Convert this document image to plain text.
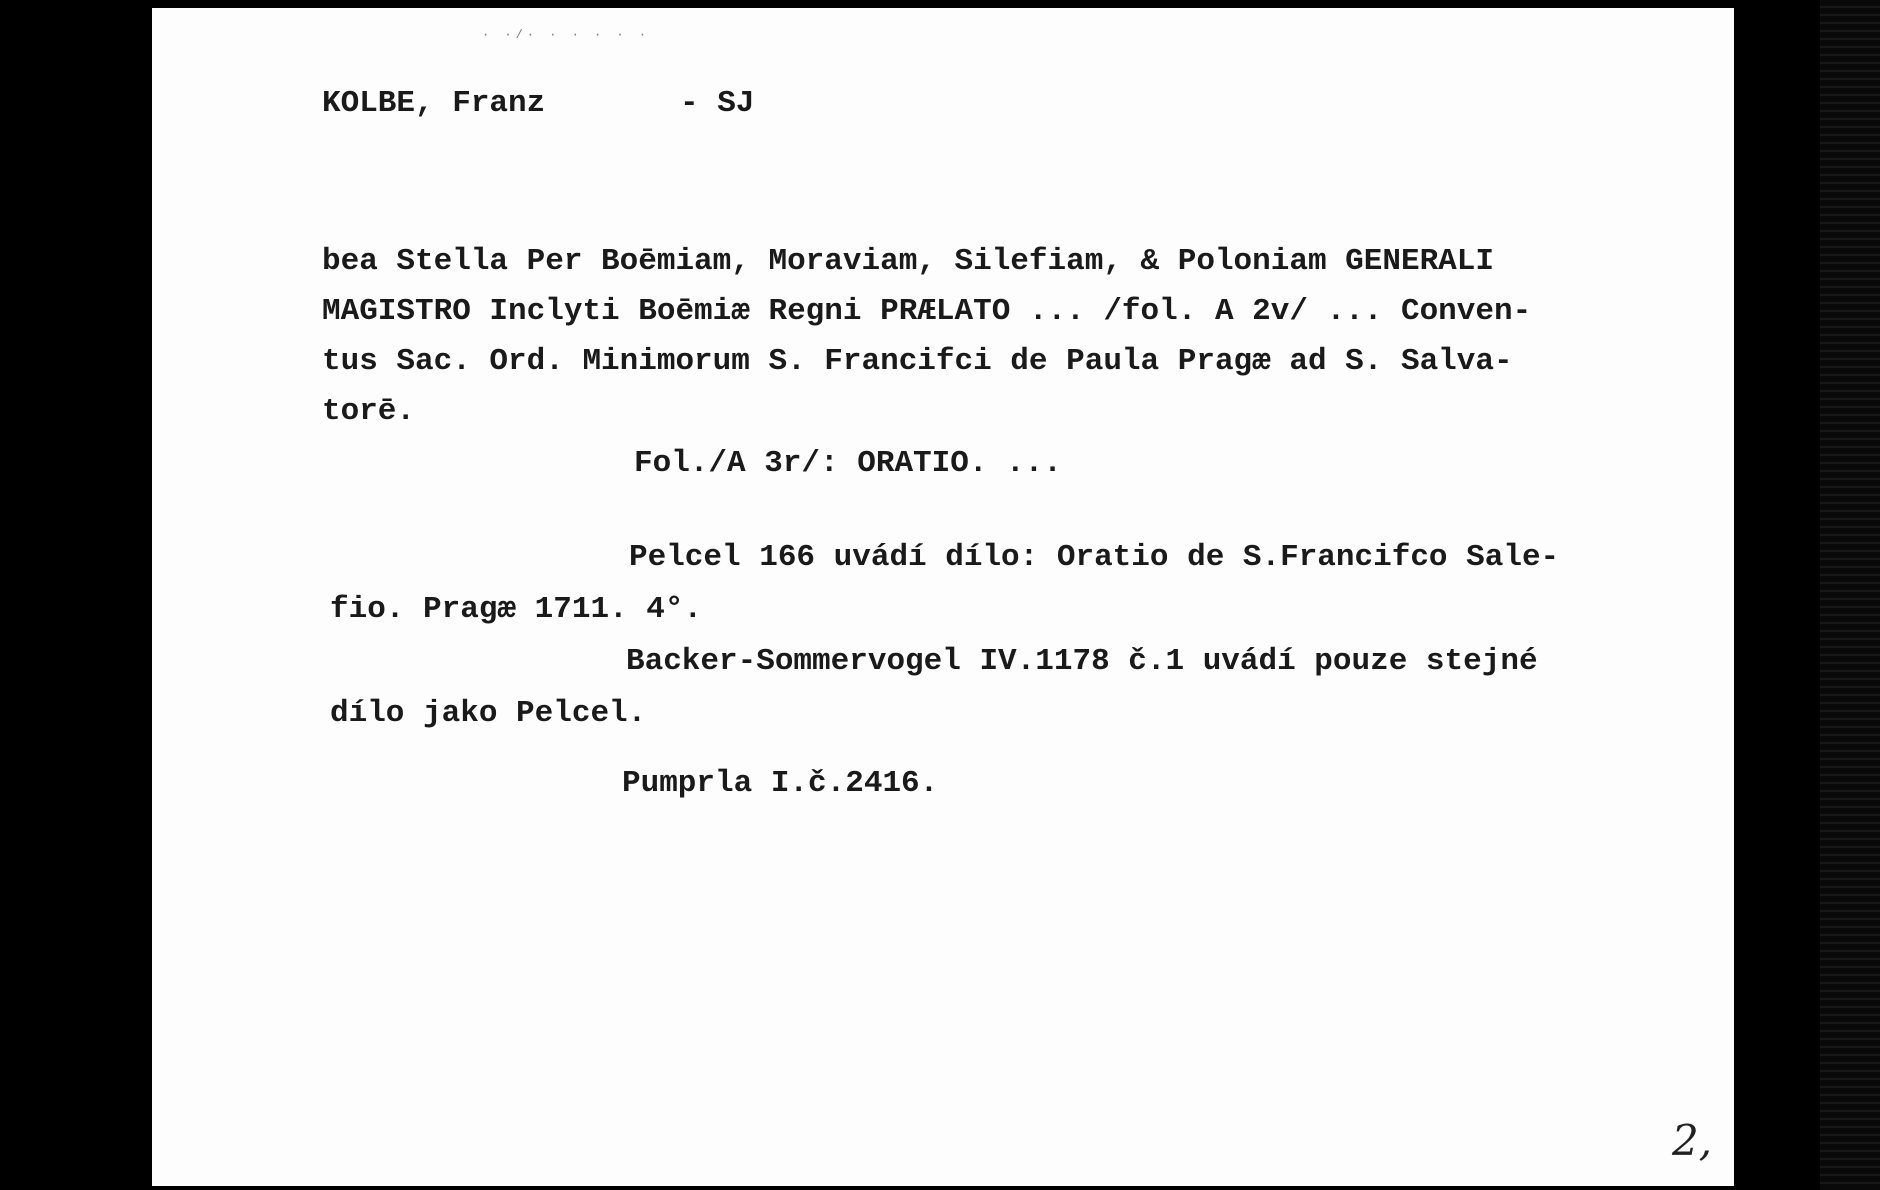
· ·/· · · · · ·
KOLBE, Franz	- SJ
bea Stella Per Boēmiam, Moraviam, Silefiam, & Poloniam GENERALI
MAGISTRO Inclyti Boēmiæ Regni PRÆLATO ... /fol. A 2v/ ... Conven-
tus Sac. Ord. Minimorum S. Francifci de Paula Pragæ ad S. Salva-
torē.
Fol./A 3r/: ORATIO. ...
Pelcel 166 uvádí dílo: Oratio de S.Francifco Sale-
fio. Pragæ 1711. 4°.
Backer-Sommervogel IV.1178 č.1 uvádí pouze stejné
dílo jako Pelcel.
Pumprla I.č.2416.
2,
